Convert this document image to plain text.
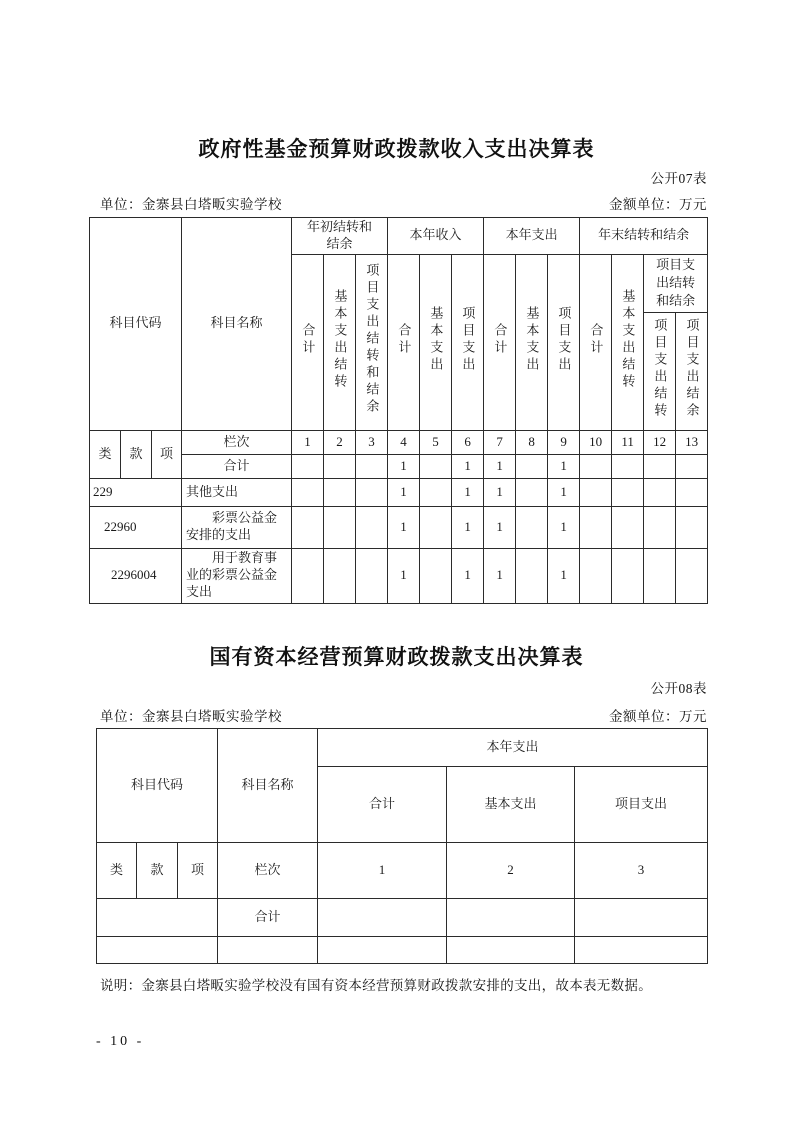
政府性基金预算财政拨款收入支出决算表
公开07表
单位：金寨县白塔畈实验学校	金额单位：万元
科目代码			科目名称	年初结转和结余			本年收入			本年支出			年末结转和结余			
				合计	基本支出结转	项目支出结转和结余	合计	基本支出	项目支出	合计	基本支出	项目支出	合计	基本支出结转	项目支出结转和结余	
															项目支出结转	项目支出结余
类	款	项	栏次	1	2	3	4	5	6	7	8	9	10	11	12	13
			合计				1		1	1		1				
229			其他支出				1		1	1		1				
22960			彩票公益金安排的支出				1		1	1		1				
2296004			用于教育事业的彩票公益金支出				1		1	1		1				
国有资本经营预算财政拨款支出决算表
公开08表
单位：金寨县白塔畈实验学校	金额单位：万元
科目代码			科目名称	本年支出		
				合计	基本支出	项目支出
类	款	项	栏次	1	2	3
			合计			

说明：金寨县白塔畈实验学校没有国有资本经营预算财政拨款安排的支出，故本表无数据。
- 10 -
